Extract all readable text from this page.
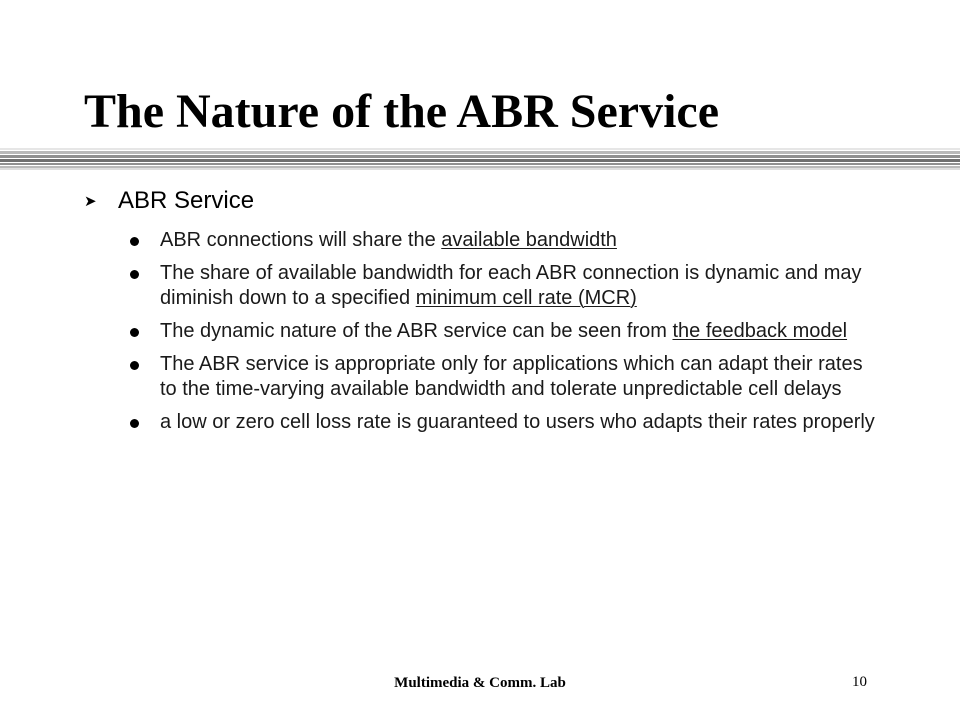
The Nature of the ABR Service
➤ ABR Service
ABR connections will share the available bandwidth
The share of available bandwidth for each ABR connection is dynamic and may diminish down to a specified minimum cell rate (MCR)
The dynamic nature of the ABR service can be seen from the feedback model
The ABR service is appropriate only for applications which can adapt their rates to the time-varying available bandwidth and tolerate unpredictable cell delays
a low or zero cell loss rate is guaranteed to users who adapts their rates properly
Multimedia & Comm. Lab	10
